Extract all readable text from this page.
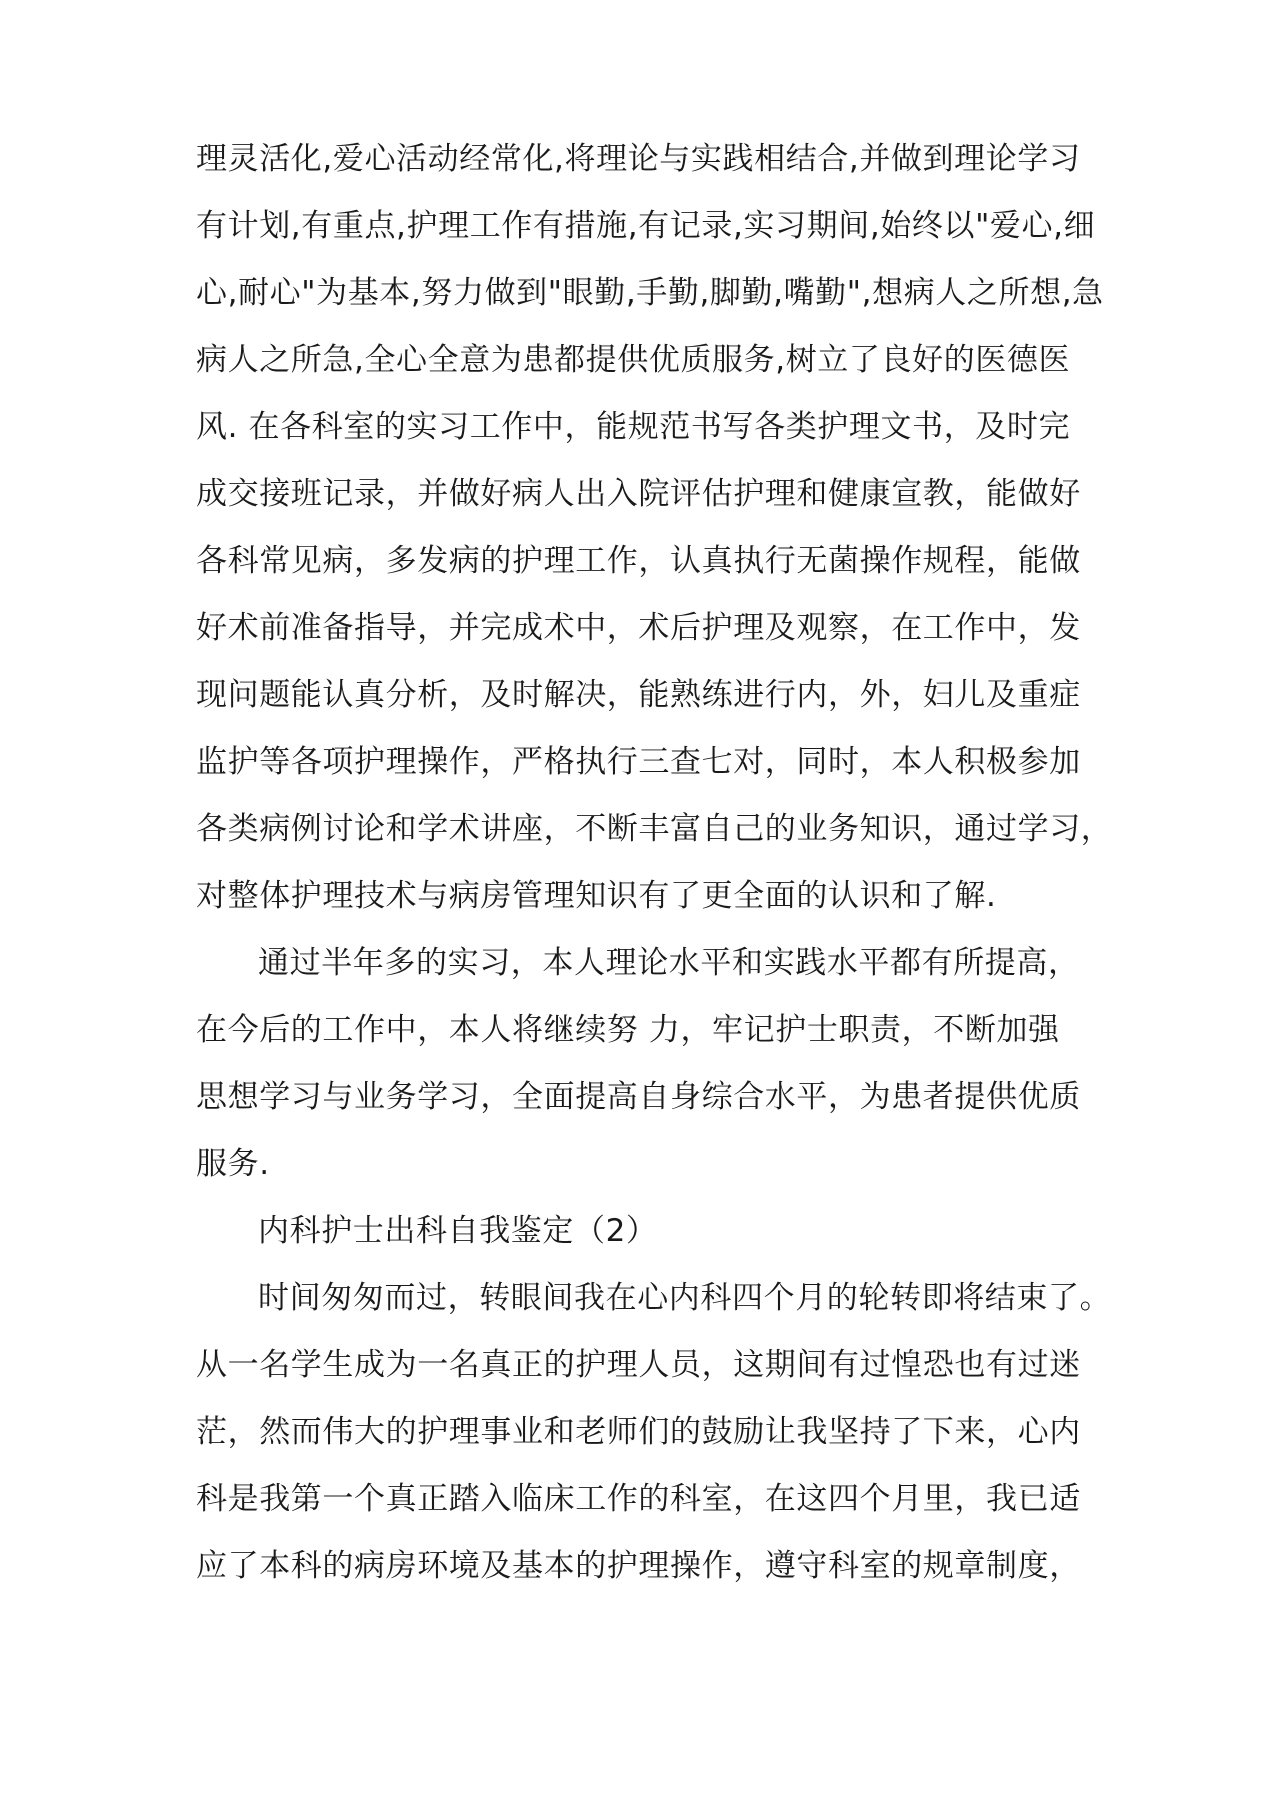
理灵活化,爱心活动经常化,将理论与实践相结合,并做到理论学习
有计划,有重点,护理工作有措施,有记录,实习期间,始终以"爱心,细
心,耐心"为基本,努力做到"眼勤,手勤,脚勤,嘴勤",想病人之所想,急
病人之所急,全心全意为患都提供优质服务,树立了良好的医德医
风. 在各科室的实习工作中，能规范书写各类护理文书，及时完
成交接班记录，并做好病人出入院评估护理和健康宣教，能做好
各科常见病，多发病的护理工作，认真执行无菌操作规程，能做
好术前准备指导，并完成术中，术后护理及观察，在工作中，发
现问题能认真分析，及时解决，能熟练进行内，外，妇儿及重症
监护等各项护理操作，严格执行三查七对，同时，本人积极参加
各类病例讨论和学术讲座，不断丰富自己的业务知识，通过学习，
对整体护理技术与病房管理知识有了更全面的认识和了解.
通过半年多的实习，本人理论水平和实践水平都有所提高，
在今后的工作中，本人将继续努 力，牢记护士职责，不断加强
思想学习与业务学习，全面提高自身综合水平，为患者提供优质
服务.
内科护士出科自我鉴定（2）
时间匆匆而过，转眼间我在心内科四个月的轮转即将结束了。
从一名学生成为一名真正的护理人员，这期间有过惶恐也有过迷
茫，然而伟大的护理事业和老师们的鼓励让我坚持了下来，心内
科是我第一个真正踏入临床工作的科室，在这四个月里，我已适
应了本科的病房环境及基本的护理操作，遵守科室的规章制度，
